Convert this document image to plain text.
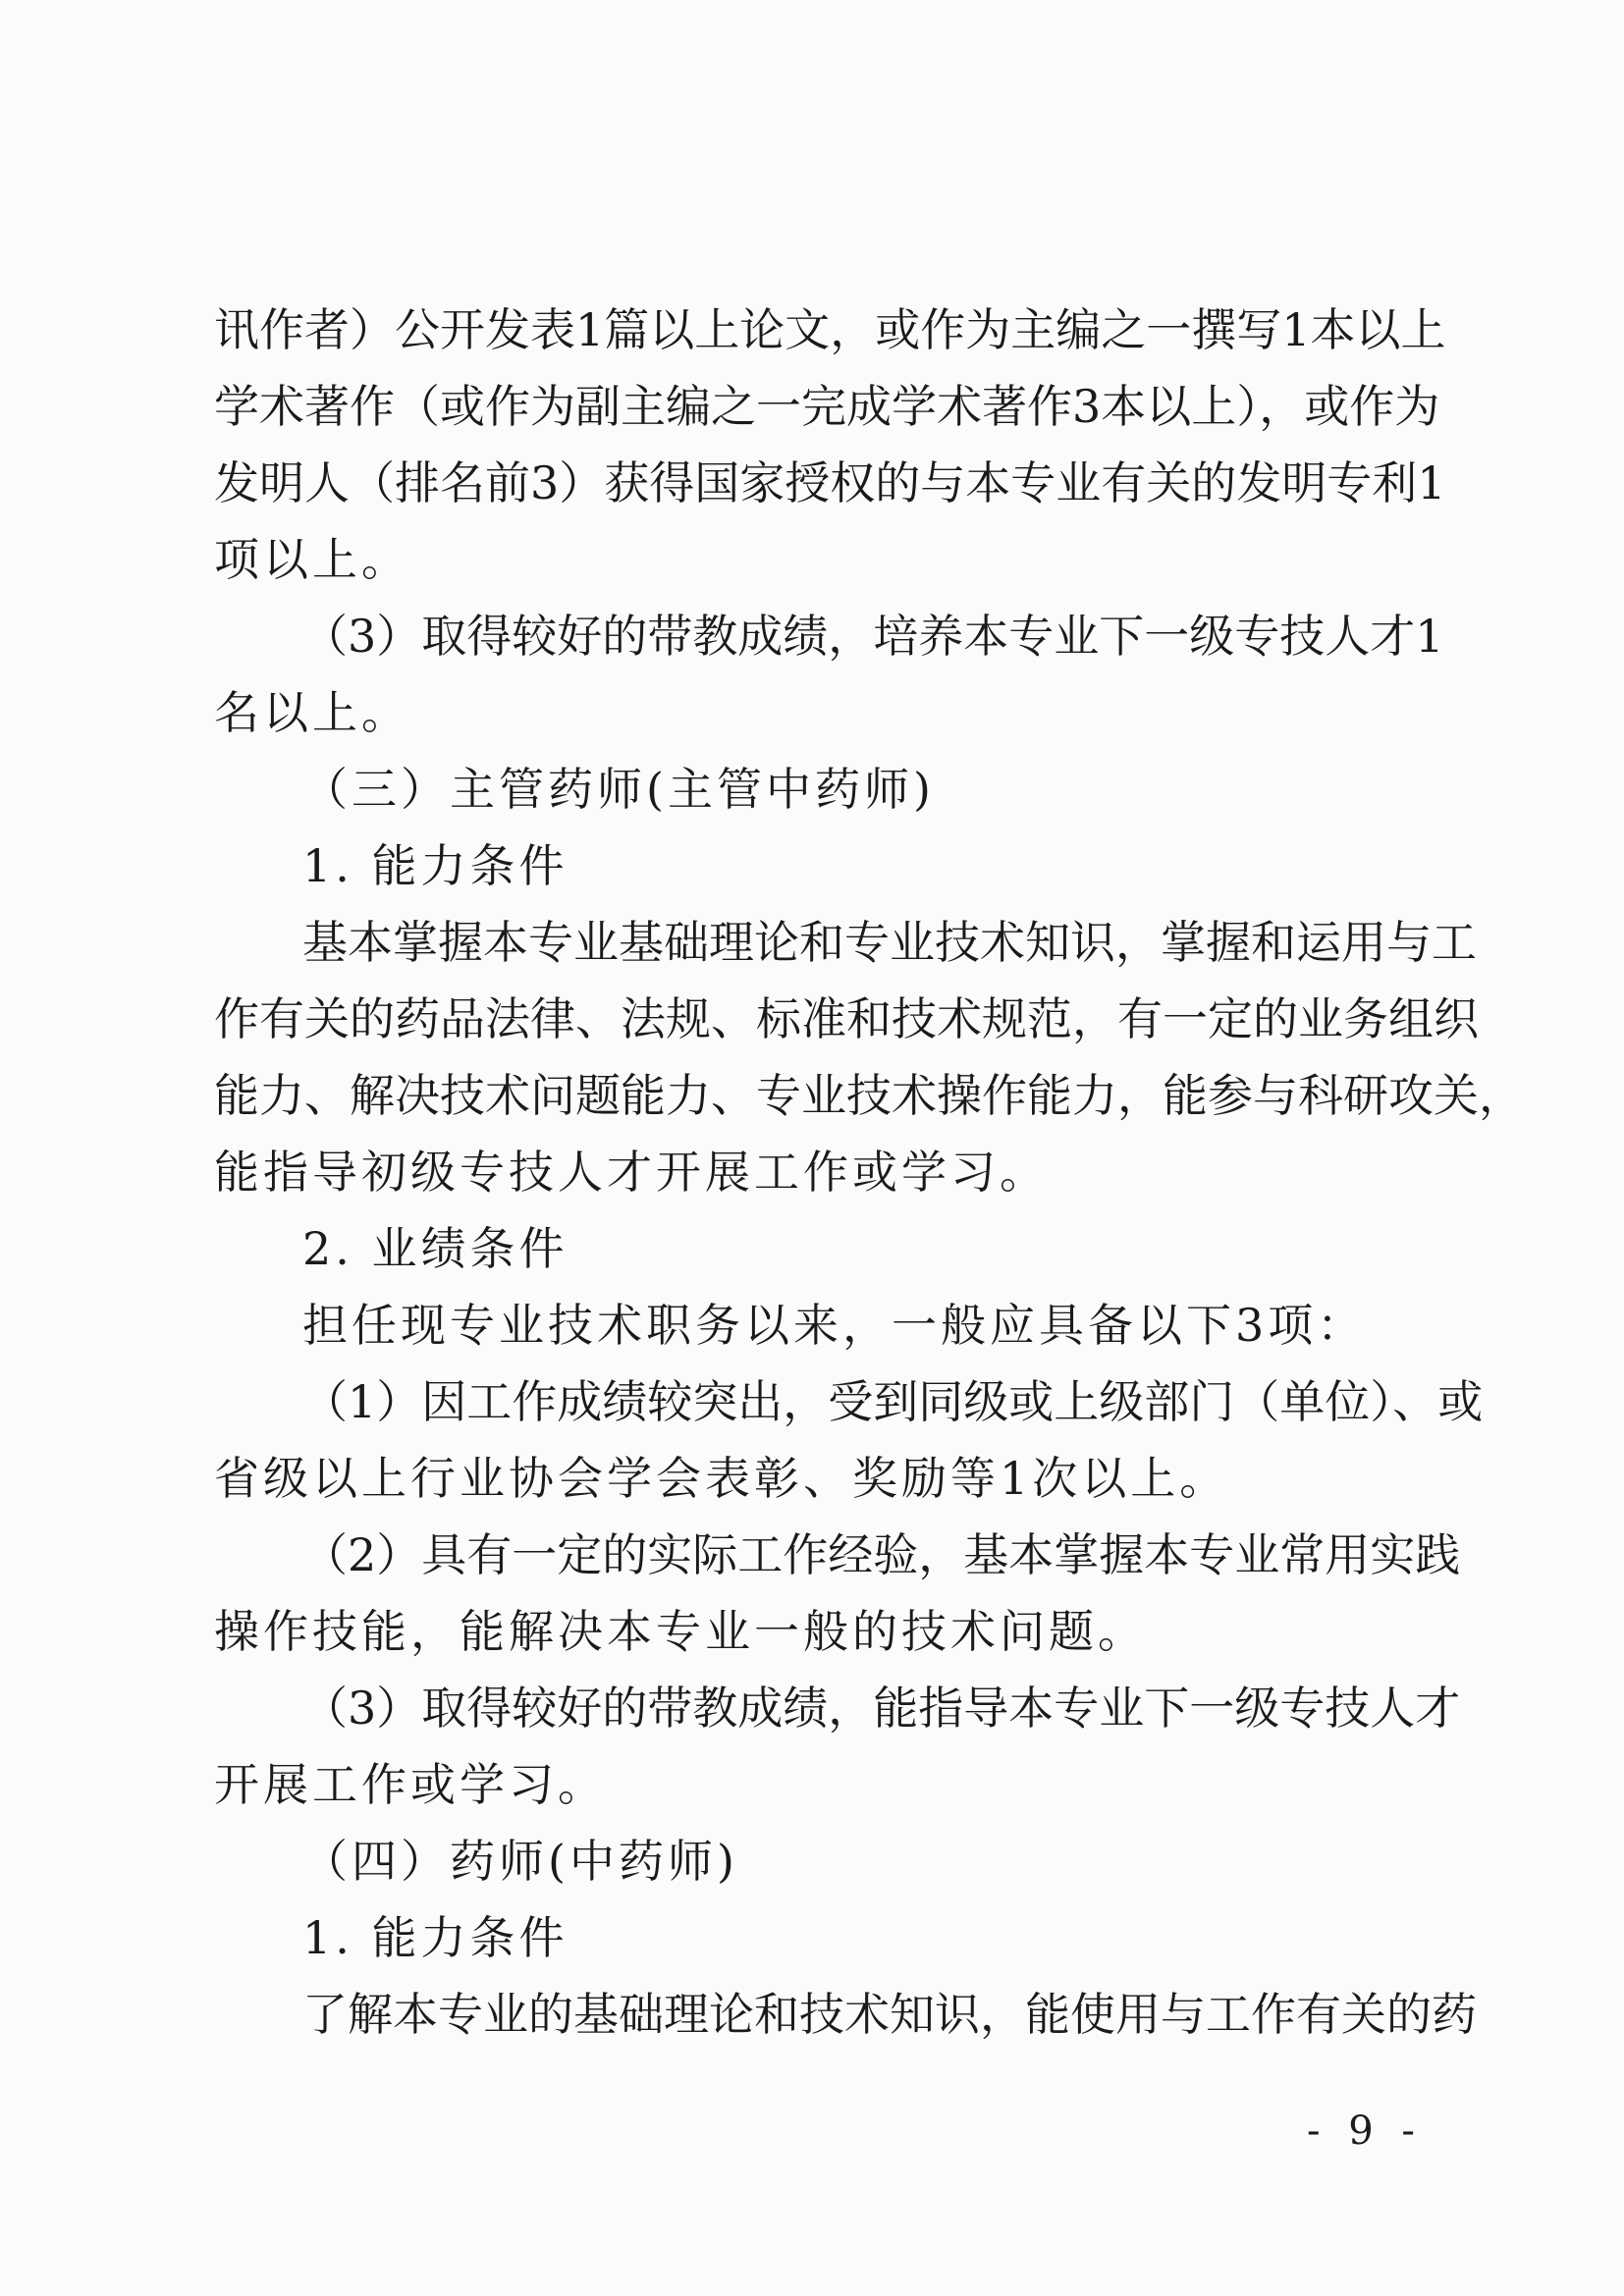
讯作者）公开发表1篇以上论文，或作为主编之一撰写1本以上
学术著作（或作为副主编之一完成学术著作3本以上），或作为
发明人（排名前3）获得国家授权的与本专业有关的发明专利1
项以上。
（3）取得较好的带教成绩，培养本专业下一级专技人才1
名以上。
（三）主管药师(主管中药师)
1. 能力条件
基本掌握本专业基础理论和专业技术知识，掌握和运用与工
作有关的药品法律、法规、标准和技术规范，有一定的业务组织
能力、解决技术问题能力、专业技术操作能力，能参与科研攻关，
能指导初级专技人才开展工作或学习。
2. 业绩条件
担任现专业技术职务以来，一般应具备以下3项：
（1）因工作成绩较突出，受到同级或上级部门（单位）、或
省级以上行业协会学会表彰、奖励等1次以上。
（2）具有一定的实际工作经验，基本掌握本专业常用实践
操作技能，能解决本专业一般的技术问题。
（3）取得较好的带教成绩，能指导本专业下一级专技人才
开展工作或学习。
（四）药师(中药师)
1. 能力条件
了解本专业的基础理论和技术知识，能使用与工作有关的药
- 9 -
